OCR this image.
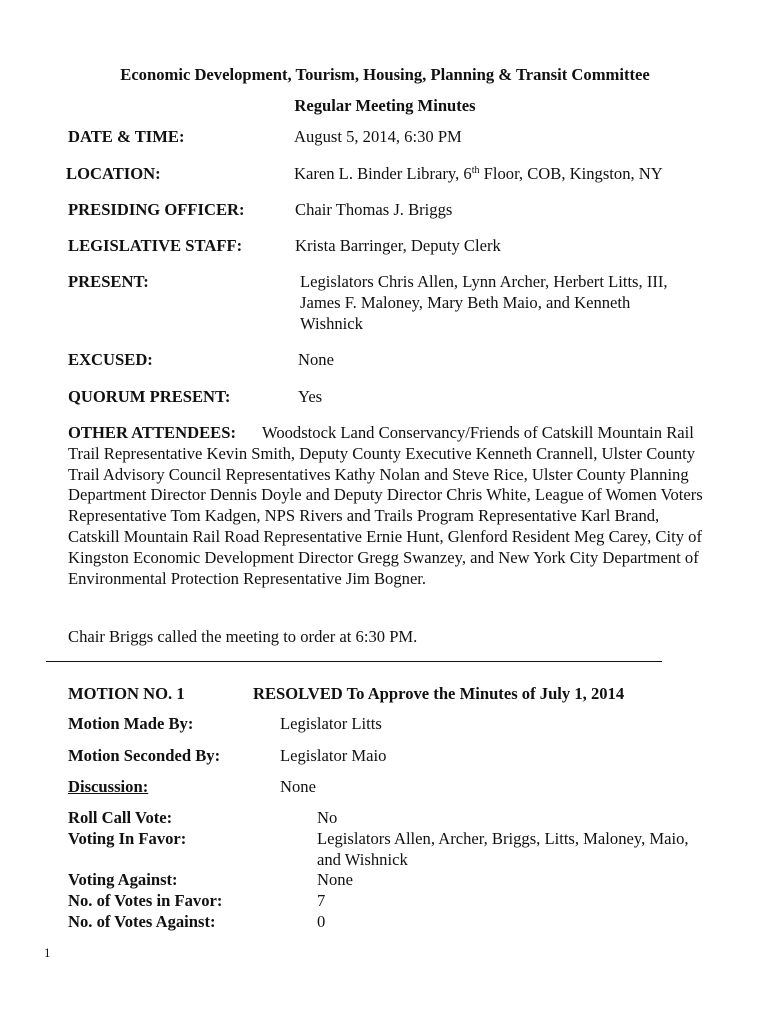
Economic Development, Tourism, Housing, Planning & Transit Committee
Regular Meeting Minutes
DATE & TIME:	August 5, 2014, 6:30 PM
LOCATION:	Karen L. Binder Library, 6th Floor, COB, Kingston, NY
PRESIDING OFFICER:	Chair Thomas J. Briggs
LEGISLATIVE STAFF:	Krista Barringer, Deputy Clerk
PRESENT:	Legislators Chris Allen, Lynn Archer, Herbert Litts, III,
James F. Maloney, Mary Beth Maio, and Kenneth
Wishnick
EXCUSED:	None
QUORUM PRESENT:	Yes

OTHER ATTENDEES: Woodstock Land Conservancy/Friends of Catskill Mountain Rail Trail Representative Kevin Smith, Deputy County Executive Kenneth Crannell, Ulster County Trail Advisory Council Representatives Kathy Nolan and Steve Rice, Ulster County Planning Department Director Dennis Doyle and Deputy Director Chris White, League of Women Voters Representative Tom Kadgen, NPS Rivers and Trails Program Representative Karl Brand, Catskill Mountain Rail Road Representative Ernie Hunt, Glenford Resident Meg Carey, City of Kingston Economic Development Director Gregg Swanzey, and New York City Department of Environmental Protection Representative Jim Bogner.

Chair Briggs called the meeting to order at 6:30 PM.
MOTION NO. 1	RESOLVED To Approve the Minutes of July 1, 2014
Motion Made By:	Legislator Litts
Motion Seconded By:	Legislator Maio
Discussion:	None
Roll Call Vote:	No
Voting In Favor:	Legislators Allen, Archer, Briggs, Litts, Maloney, Maio,
and Wishnick
Voting Against:	None
No. of Votes in Favor:	7
No. of Votes Against:	0
1
